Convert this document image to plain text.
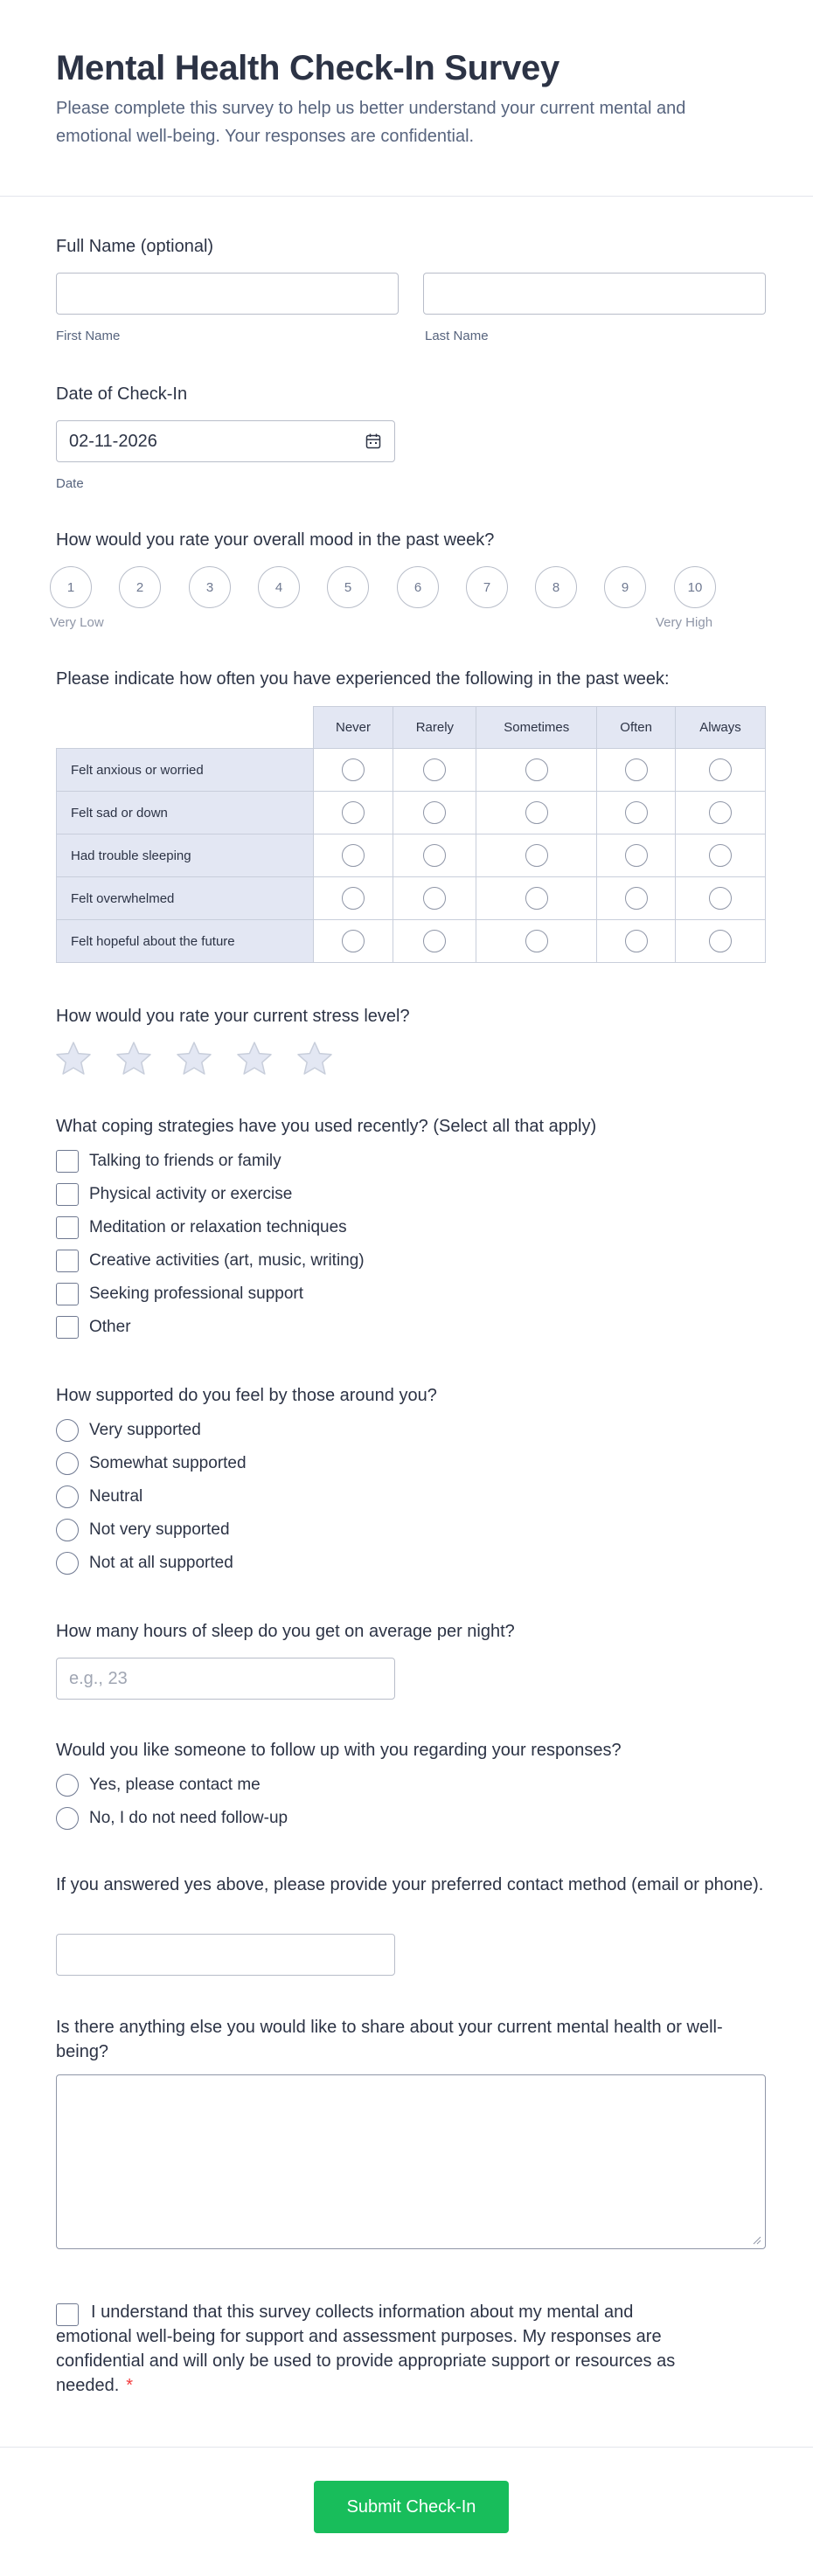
Mental Health Check-In Survey

Please complete this survey to help us better understand your current mental and emotional well-being. Your responses are confidential.

Full Name (optional)
First Name	Last Name
Date of Check-In
02-11-2026
Date
How would you rate your overall mood in the past week?
1	2	3	4	5	6	7	8	9	10
Very Low	Very High
Please indicate how often you have experienced the following in the past week:
	Never	Rarely	Sometimes	Often	Always
Felt anxious or worried					
Felt sad or down					
Had trouble sleeping					
Felt overwhelmed					
Felt hopeful about the future					
How would you rate your current stress level?
What coping strategies have you used recently? (Select all that apply)
Talking to friends or family
Physical activity or exercise
Meditation or relaxation techniques
Creative activities (art, music, writing)
Seeking professional support
Other
How supported do you feel by those around you?
Very supported
Somewhat supported
Neutral
Not very supported
Not at all supported
How many hours of sleep do you get on average per night?
e.g., 23
Would you like someone to follow up with you regarding your responses?
Yes, please contact me
No, I do not need follow-up
If you answered yes above, please provide your preferred contact method (email or phone).
Is there anything else you would like to share about your current mental health or well-being?
I understand that this survey collects information about my mental and emotional well-being for support and assessment purposes. My responses are confidential and will only be used to provide appropriate support or resources as needed. *
Submit Check-In
